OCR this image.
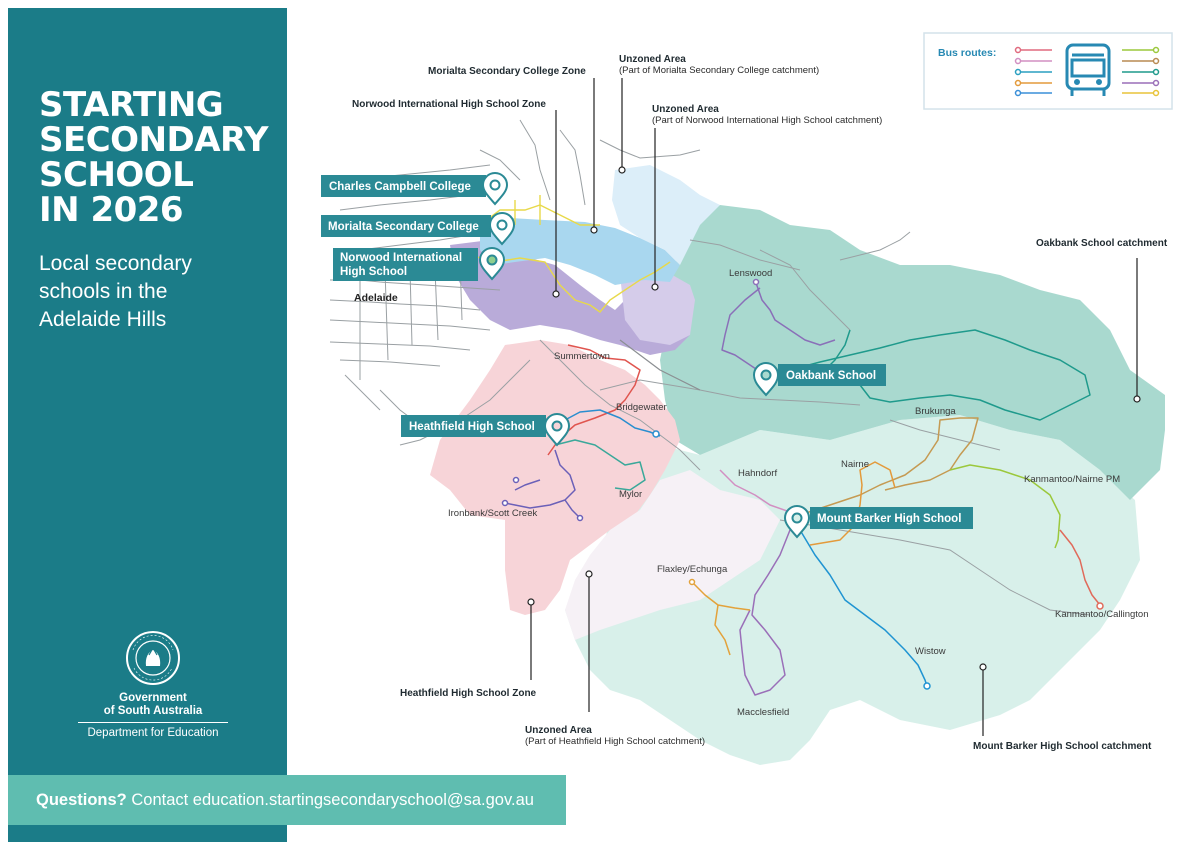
Morialta Secondary College Zone
Norwood International High School Zone
Unzoned Area
(Part of Morialta Secondary College catchment)
Unzoned Area
(Part of Norwood International High School catchment)
Oakbank School catchment
Heathfield High School Zone
Unzoned Area
(Part of Heathfield High School catchment)	Mount Barker High School catchment
Adelaide
Lenswood
Summertown
Bridgewater	Brukunga
Hahndorf
Nairne
Kanmantoo/Nairne PM
Mylor
Ironbank/Scott Creek
Flaxley/Echunga
Kanmantoo/Callington
Wistow
Macclesfield
Charles Campbell College
Morialta Secondary College
Norwood International
High School
Oakbank School
Heathfield High School
Mount Barker High School
Bus routes:
STARTING
SECONDARY
SCHOOL
IN 2026
Local secondary
schools in the
Adelaide Hills
Government
of South Australia
Department for Education
Questions? Contact education.startingsecondaryschool@sa.gov.au
